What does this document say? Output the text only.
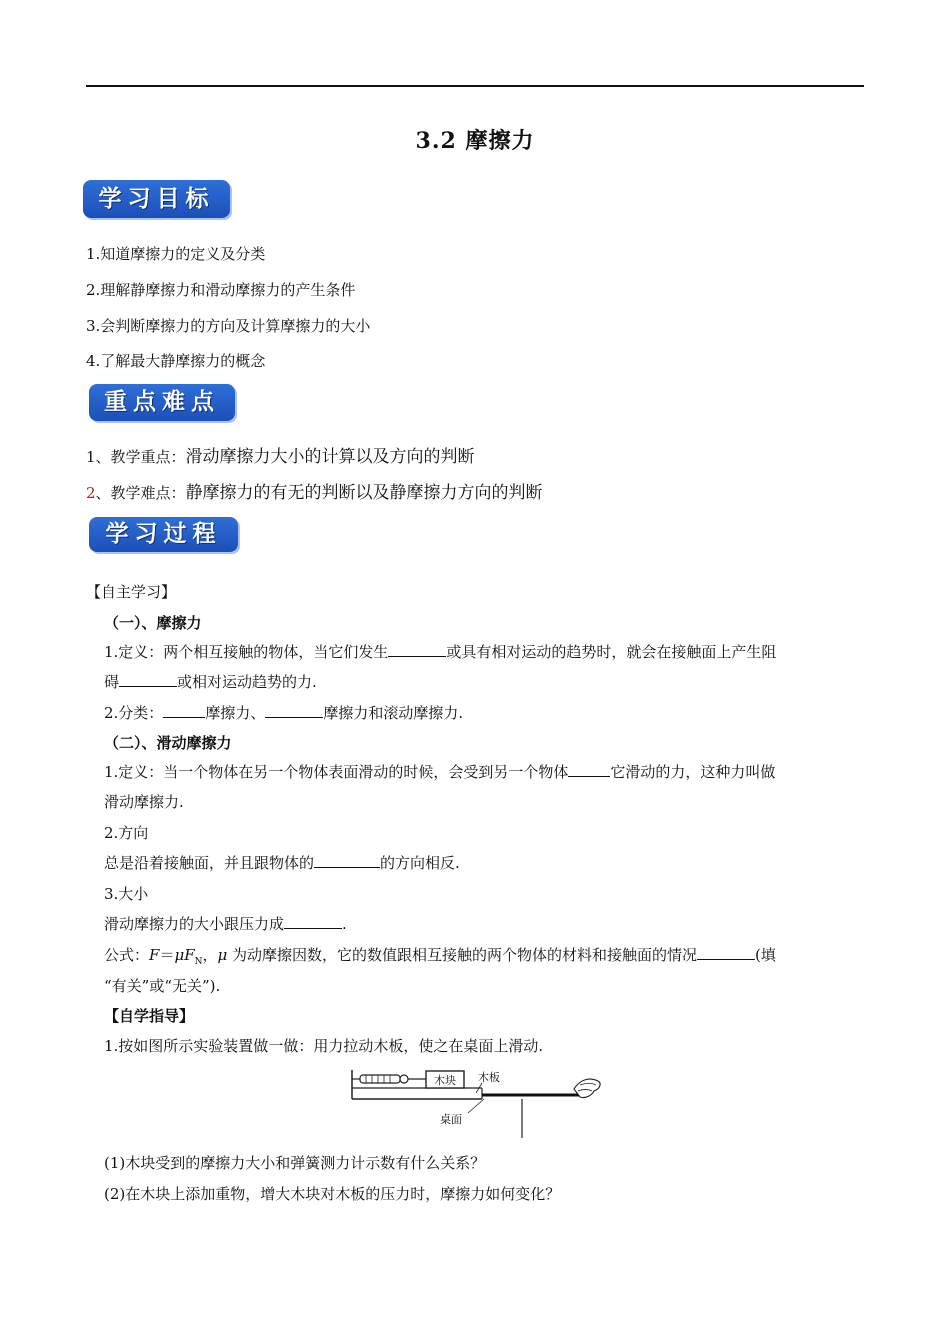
3.2 摩擦力
学习目标
1.知道摩擦力的定义及分类
2.理解静摩擦力和滑动摩擦力的产生条件
3.会判断摩擦力的方向及计算摩擦力的大小
4.了解最大静摩擦力的概念
重点难点
1、教学重点：滑动摩擦力大小的计算以及方向的判断
2、教学难点：静摩擦力的有无的判断以及静摩擦力方向的判断
学习过程
【自主学习】
（一）、摩擦力
1.定义：两个相互接触的物体，当它们发生	或具有相对运动的趋势时，就会在接触面上产生阻
碍	或相对运动趋势的力.
2.分类：	摩擦力、	摩擦力和滚动摩擦力.
（二）、滑动摩擦力
1.定义：当一个物体在另一个物体表面滑动的时候，会受到另一个物体	它滑动的力，这种力叫做
滑动摩擦力.
2.方向
总是沿着接触面，并且跟物体的	的方向相反.
3.大小
滑动摩擦力的大小跟压力成	.
公式：$F=\mu F_N$，μ 为动摩擦因数，它的数值跟相互接触的两个物体的材料和接触面的情况	(填
“有关”或“无关”).
【自学指导】
1.按如图所示实验装置做一做：用力拉动木板，使之在桌面上滑动.
木块 木板
桌面
(1)木块受到的摩擦力大小和弹簧测力计示数有什么关系？
(2)在木块上添加重物，增大木块对木板的压力时，摩擦力如何变化？
